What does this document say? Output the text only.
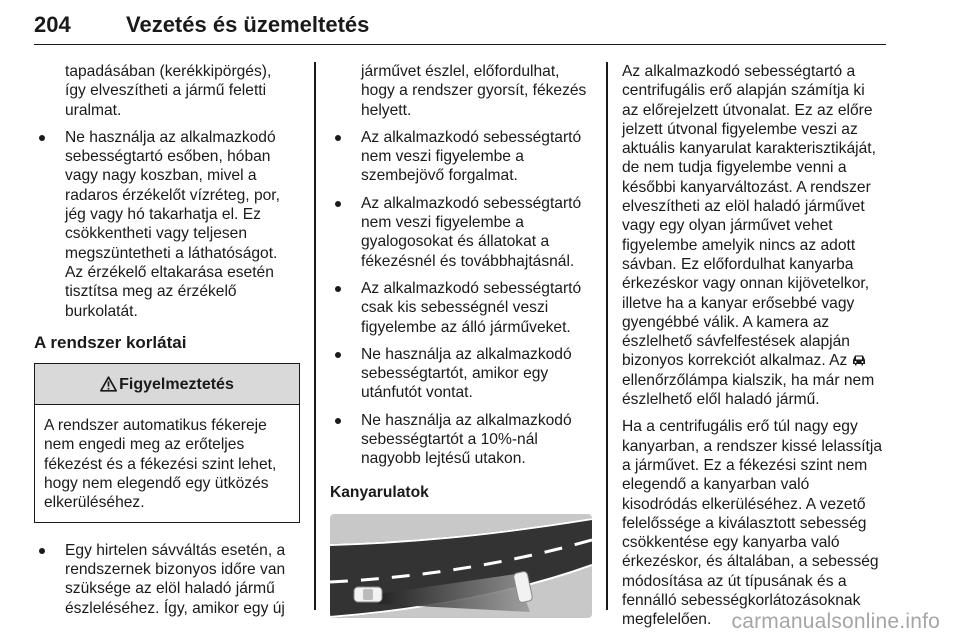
204	Vezetés és üzemeltetés

tapadásában (kerékkipörgés),
így elveszítheti a jármű feletti
uralmat.

Ne használja az alkalmazkodó
sebességtartó esőben, hóban
vagy nagy koszban, mivel a
radaros érzékelőt vízréteg, por,
jég vagy hó takarhatja el. Ez
csökkentheti vagy teljesen
megszüntetheti a láthatóságot.
Az érzékelő eltakarása esetén
tisztítsa meg az érzékelő
burkolatát.
A rendszer korlátai
Figyelmeztetés
A rendszer automatikus fékereje
nem engedi meg az erőteljes
fékezést és a fékezési szint lehet,
hogy nem elegendő egy ütközés
elkerüléséhez.
Egy hirtelen sávváltás esetén, a
rendszernek bizonyos időre van
szüksége az elöl haladó jármű
észleléséhez. Így, amikor egy új

járművet észlel, előfordulhat,
hogy a rendszer gyorsít, fékezés
helyett.

Az alkalmazkodó sebességtartó
nem veszi figyelembe a
szembejövő forgalmat.
Az alkalmazkodó sebességtartó
nem veszi figyelembe a
gyalogosokat és állatokat a
fékezésnél és továbbhajtásnál.
Az alkalmazkodó sebességtartó
csak kis sebességnél veszi
figyelembe az álló járműveket.
Ne használja az alkalmazkodó
sebességtartót, amikor egy
utánfutót vontat.
Ne használja az alkalmazkodó
sebességtartót a 10%-nál
nagyobb lejtésű utakon.
Kanyarulatok

Az alkalmazkodó sebességtartó a
centrifugális erő alapján számítja ki
az előrejelzett útvonalat. Ez az előre
jelzett útvonal figyelembe veszi az
aktuális kanyarulat karakterisztikáját,
de nem tudja figyelembe venni a
későbbi kanyarváltozást. A rendszer
elveszítheti az elöl haladó járművet
vagy egy olyan járművet vehet
figyelembe amelyik nincs az adott
sávban. Ez előfordulhat kanyarba
érkezéskor vagy onnan kijövetelkor,
illetve ha a kanyar erősebbé vagy
gyengébbé válik. A kamera az
észlelhető sávfelfestések alapján
bizonyos korrekciót alkalmaz. Az
ellenőrzőlámpa kialszik, ha már nem
észlelhető elől haladó jármű.

Ha a centrifugális erő túl nagy egy
kanyarban, a rendszer kissé lelassítja
a járművet. Ez a fékezési szint nem
elegendő a kanyarban való
kisodródás elkerüléséhez. A vezető
felelőssége a kiválasztott sebesség
csökkentése egy kanyarba való
érkezéskor, és általában, a sebesség
módosítása az út típusának és a
fennálló sebességkorlátozásoknak
megfelelően. carmanualsonline.info
